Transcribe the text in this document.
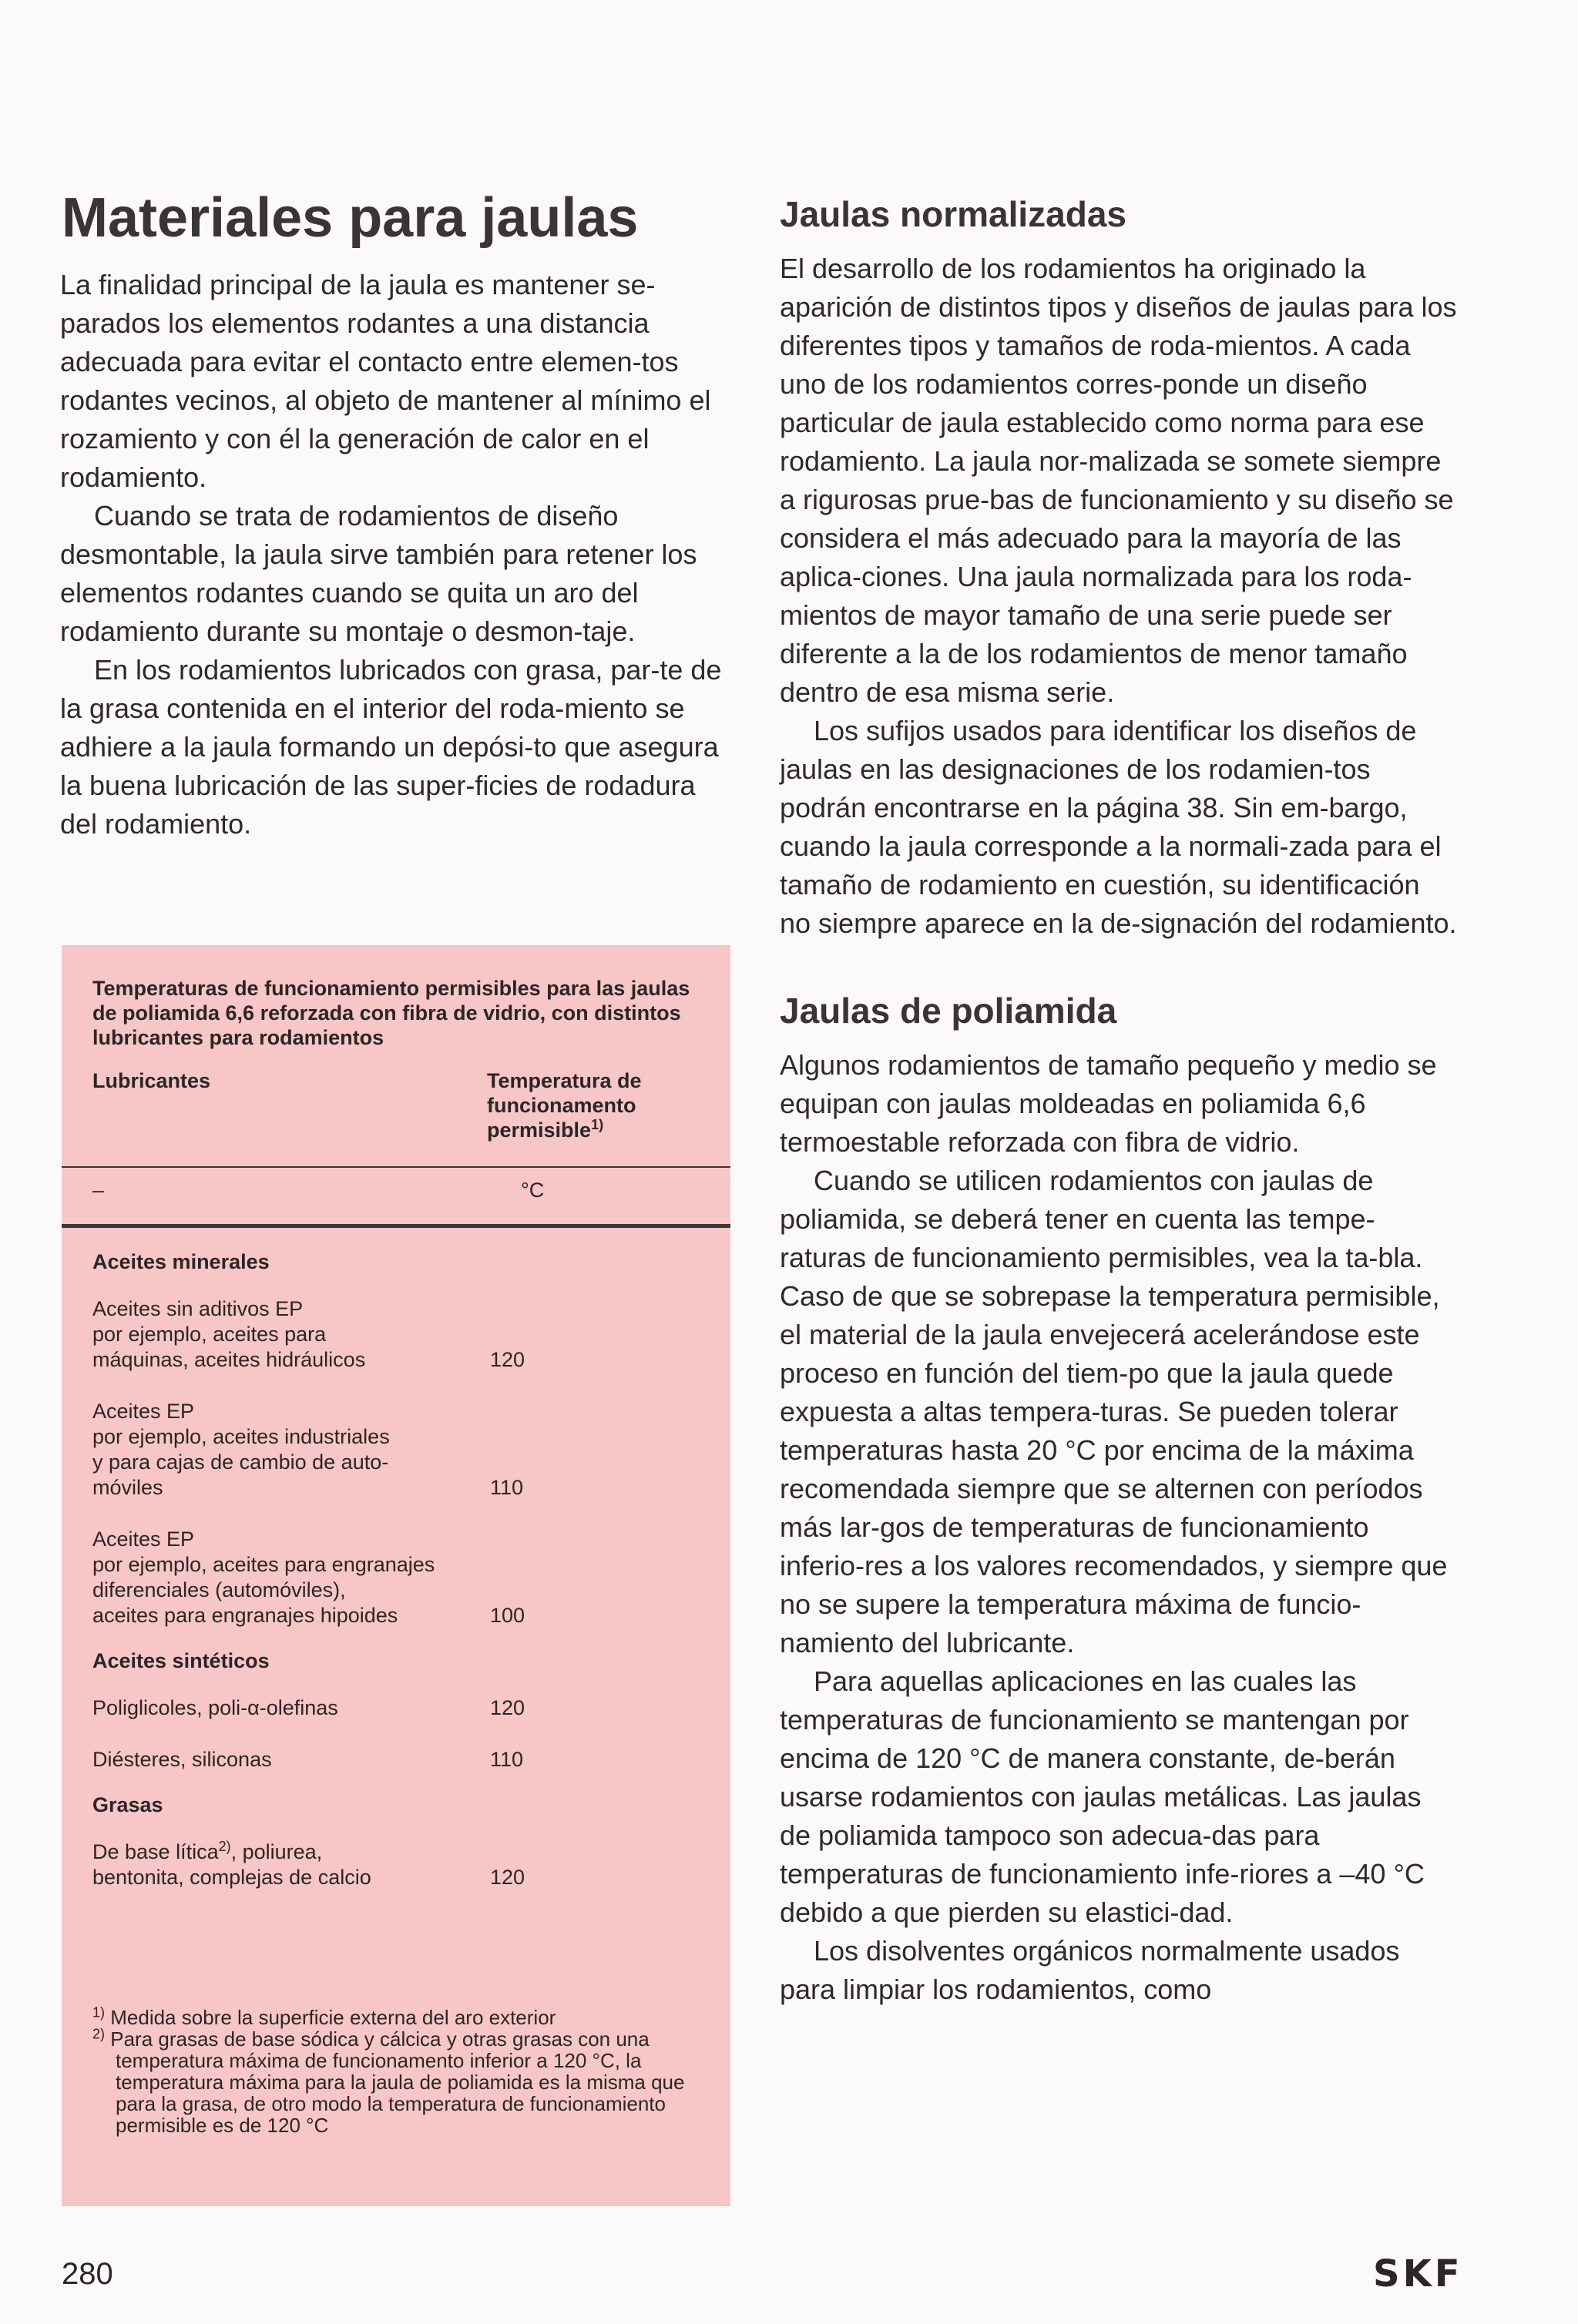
Materiales para jaulas

La finalidad principal de la jaula es mantener se-parados los elementos rodantes a una distancia adecuada para evitar el contacto entre elemen-tos rodantes vecinos, al objeto de mantener al mínimo el rozamiento y con él la generación de calor en el rodamiento.

Cuando se trata de rodamientos de diseño desmontable, la jaula sirve también para retener los elementos rodantes cuando se quita un aro del rodamiento durante su montaje o desmon-taje.

En los rodamientos lubricados con grasa, par-te de la grasa contenida en el interior del roda-miento se adhiere a la jaula formando un depósi-to que asegura la buena lubricación de las super-ficies de rodadura del rodamiento.

Temperaturas de funcionamiento permisibles para las jaulas de poliamida 6,6 reforzada con fibra de vidrio, con distintos lubricantes para rodamientos

Lubricantes	Temperatura de funcionamento permisible$^{1)}$
–	°C

Aceites minerales

Aceites sin aditivos EP
por ejemplo, aceites para
máquinas, aceites hidráulicos	120
Aceites EP
por ejemplo, aceites industriales
y para cajas de cambio de auto-
móviles	110
Aceites EP
por ejemplo, aceites para engranajes
diferenciales (automóviles),
aceites para engranajes hipoides	100

Aceites sintéticos

Poliglicoles, poli-α-olefinas	120
Diésteres, siliconas	110

Grasas

De base lítica$^{2)}$, poliurea,
bentonita, complejas de calcio	120

$^{1)}$ Medida sobre la superficie externa del aro exterior

$^{2)}$ Para grasas de base sódica y cálcica y otras grasas con una temperatura máxima de funcionamento inferior a 120 °C, la temperatura máxima para la jaula de poliamida es la misma que para la grasa, de otro modo la temperatura de funcionamiento permisible es de 120 °C

Jaulas normalizadas

El desarrollo de los rodamientos ha originado la aparición de distintos tipos y diseños de jaulas para los diferentes tipos y tamaños de roda-mientos. A cada uno de los rodamientos corres-ponde un diseño particular de jaula establecido como norma para ese rodamiento. La jaula nor-malizada se somete siempre a rigurosas prue-bas de funcionamiento y su diseño se considera el más adecuado para la mayoría de las aplica-ciones. Una jaula normalizada para los roda-mientos de mayor tamaño de una serie puede ser diferente a la de los rodamientos de menor tamaño dentro de esa misma serie.

Los sufijos usados para identificar los diseños de jaulas en las designaciones de los rodamien-tos podrán encontrarse en la página 38. Sin em-bargo, cuando la jaula corresponde a la normali-zada para el tamaño de rodamiento en cuestión, su identificación no siempre aparece en la de-signación del rodamiento.

Jaulas de poliamida

Algunos rodamientos de tamaño pequeño y medio se equipan con jaulas moldeadas en poliamida 6,6 termoestable reforzada con fibra de vidrio.

Cuando se utilicen rodamientos con jaulas de poliamida, se deberá tener en cuenta las tempe-raturas de funcionamiento permisibles, vea la ta-bla. Caso de que se sobrepase la temperatura permisible, el material de la jaula envejecerá acelerándose este proceso en función del tiem-po que la jaula quede expuesta a altas tempera-turas. Se pueden tolerar temperaturas hasta 20 °C por encima de la máxima recomendada siempre que se alternen con períodos más lar-gos de temperaturas de funcionamiento inferio-res a los valores recomendados, y siempre que no se supere la temperatura máxima de funcio-namiento del lubricante.

Para aquellas aplicaciones en las cuales las temperaturas de funcionamiento se mantengan por encima de 120 °C de manera constante, de-berán usarse rodamientos con jaulas metálicas. Las jaulas de poliamida tampoco son adecua-das para temperaturas de funcionamiento infe-riores a –40 °C debido a que pierden su elastici-dad.

Los disolventes orgánicos normalmente usados para limpiar los rodamientos, como

280	SKF
